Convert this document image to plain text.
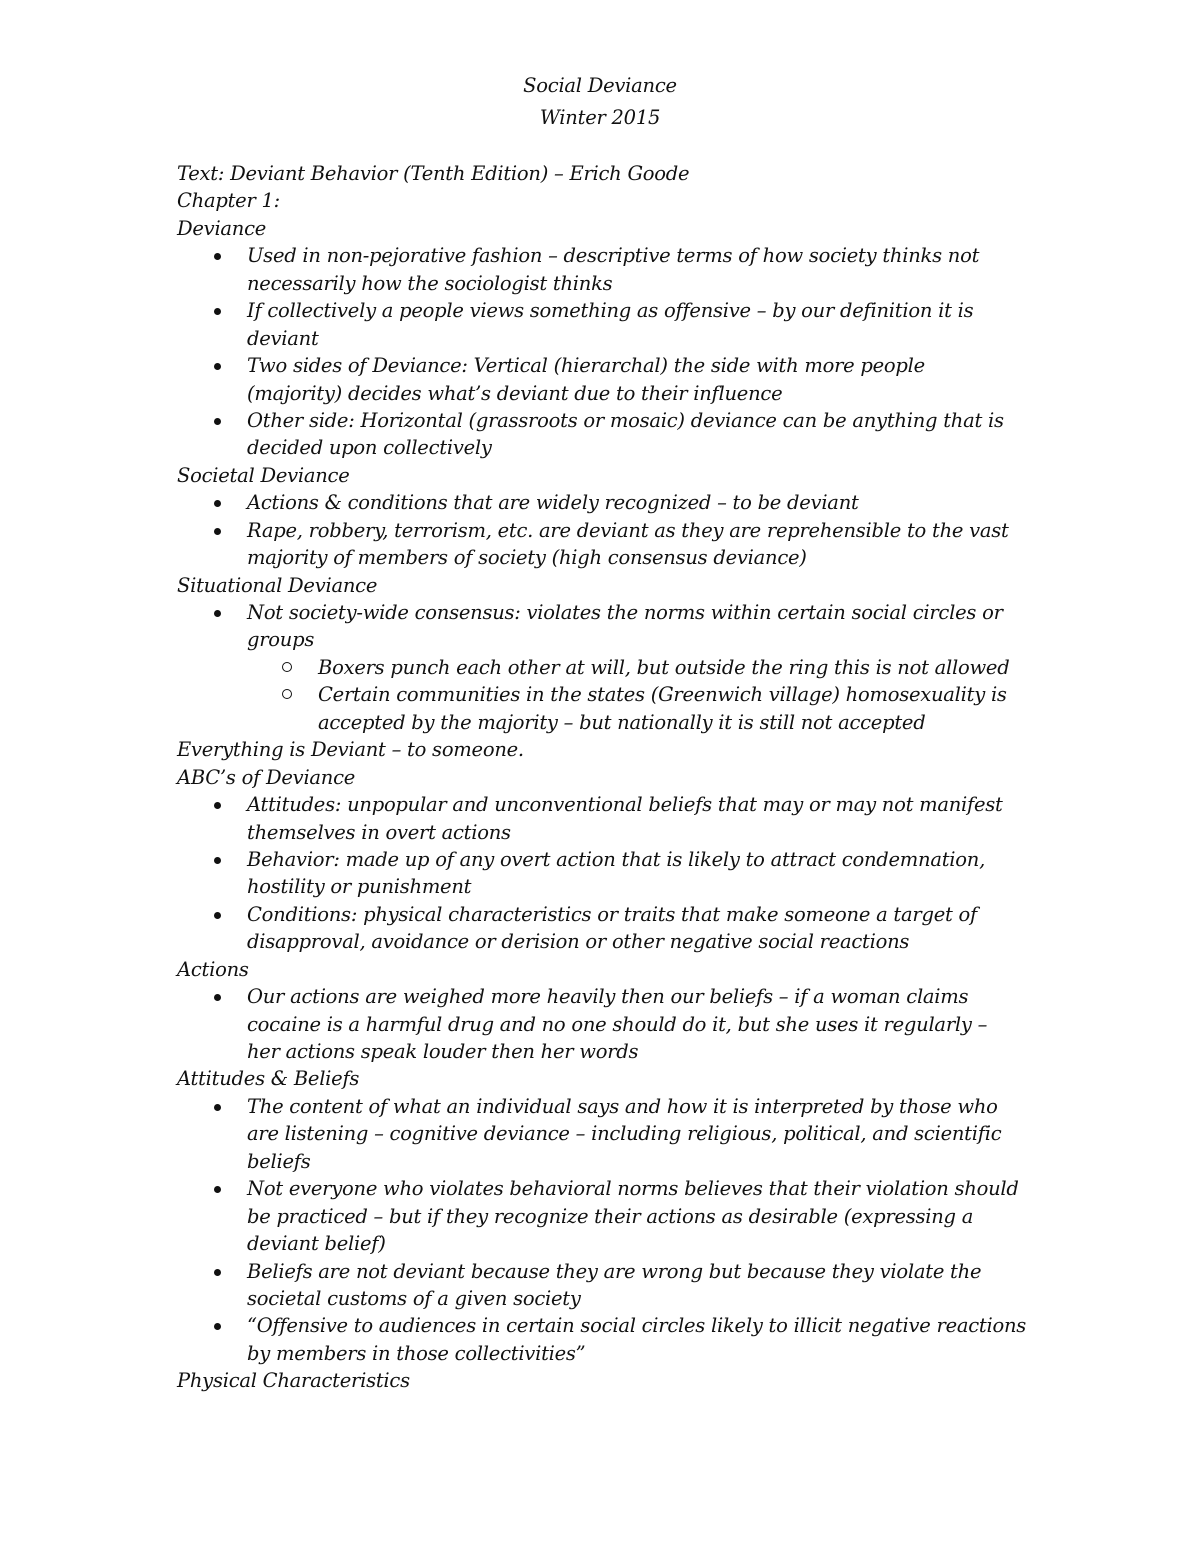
Social Deviance
Winter 2015
Text: Deviant Behavior (Tenth Edition) – Erich Goode
Chapter 1:
Deviance
Used in non-pejorative fashion – descriptive terms of how society thinks not
necessarily how the sociologist thinks
If collectively a people views something as offensive – by our definition it is
deviant
Two sides of Deviance: Vertical (hierarchal) the side with more people
(majority) decides what’s deviant due to their influence
Other side: Horizontal (grassroots or mosaic) deviance can be anything that is
decided upon collectively
Societal Deviance
Actions & conditions that are widely recognized – to be deviant
Rape, robbery, terrorism, etc. are deviant as they are reprehensible to the vast
majority of members of society (high consensus deviance)
Situational Deviance
Not society-wide consensus: violates the norms within certain social circles or
groups
Boxers punch each other at will, but outside the ring this is not allowed
Certain communities in the states (Greenwich village) homosexuality is
accepted by the majority – but nationally it is still not accepted
Everything is Deviant – to someone.
ABC’s of Deviance
Attitudes: unpopular and unconventional beliefs that may or may not manifest
themselves in overt actions
Behavior: made up of any overt action that is likely to attract condemnation,
hostility or punishment
Conditions: physical characteristics or traits that make someone a target of
disapproval, avoidance or derision or other negative social reactions
Actions
Our actions are weighed more heavily then our beliefs – if a woman claims
cocaine is a harmful drug and no one should do it, but she uses it regularly –
her actions speak louder then her words
Attitudes & Beliefs
The content of what an individual says and how it is interpreted by those who
are listening – cognitive deviance – including religious, political, and scientific
beliefs
Not everyone who violates behavioral norms believes that their violation should
be practiced – but if they recognize their actions as desirable (expressing a
deviant belief)
Beliefs are not deviant because they are wrong but because they violate the
societal customs of a given society
“Offensive to audiences in certain social circles likely to illicit negative reactions
by members in those collectivities”
Physical Characteristics
